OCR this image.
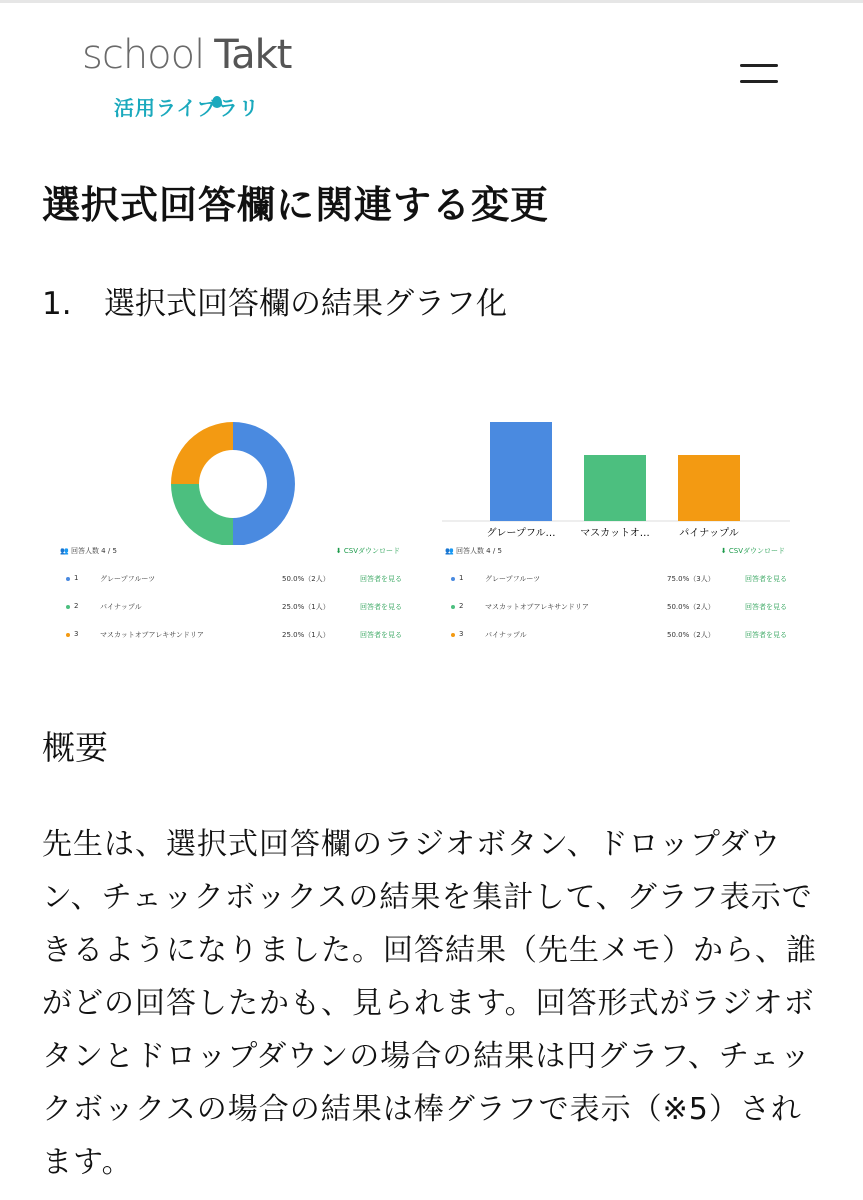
school Takt
活用ライブラリ
選択式回答欄に関連する変更
1. 選択式回答欄の結果グラフ化
👥 回答人数 4 / 5	⬇ CSVダウンロード
1	グレープフルーツ	50.0%（2人）	回答者を見る
2	パイナップル	25.0%（1人）	回答者を見る
3	マスカットオブアレキサンドリア	25.0%（1人）	回答者を見る
グレープフル… マスカットオ…	パイナップル
👥 回答人数 4 / 5	⬇ CSVダウンロード
1	グレープフルーツ	75.0%（3人）	回答者を見る
2	マスカットオブアレキサンドリア	50.0%（2人）	回答者を見る
3	パイナップル	50.0%（2人）	回答者を見る
概要
先生は、選択式回答欄のラジオボタン、ドロップダウン、チェックボックスの結果を集計して、グラフ表示できるようになりました。回答結果（先生メモ）から、誰がどの回答したかも、見られます。回答形式がラジオボタンとドロップダウンの場合の結果は円グラフ、チェックボックスの場合の結果は棒グラフで表示（※5）されます。
